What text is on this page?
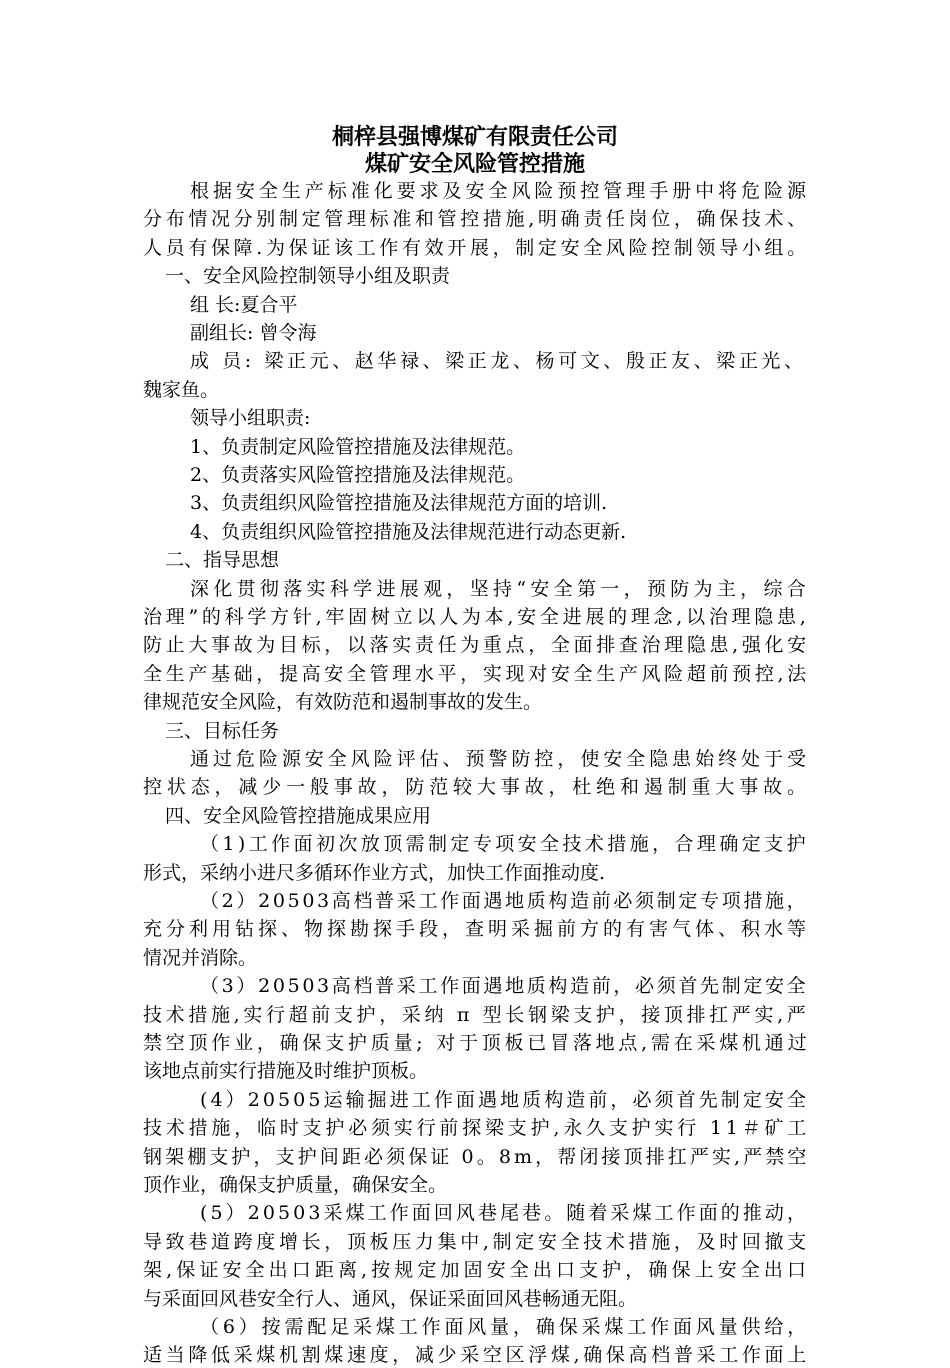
桐梓县强博煤矿有限责任公司
煤矿安全风险管控措施
根据安全生产标准化要求及安全风险预控管理手册中将危险源
分布情况分别制定管理标准和管控措施,明确责任岗位，确保技术、
人员有保障.为保证该工作有效开展，制定安全风险控制领导小组。
一、安全风险控制领导小组及职责
组 长:夏合平
副组长: 曾令海
成 员: 梁正元、赵华禄、梁正龙、杨可文、殷正友、梁正光、
魏家鱼。
领导小组职责:
1、负责制定风险管控措施及法律规范。
2、负责落实风险管控措施及法律规范。
3、负责组织风险管控措施及法律规范方面的培训.
4、负责组织风险管控措施及法律规范进行动态更新.
二、指导思想
深化贯彻落实科学进展观，坚持“安全第一，预防为主，综合
治理”的科学方针,牢固树立以人为本,安全进展的理念,以治理隐患,
防止大事故为目标，以落实责任为重点，全面排查治理隐患,强化安
全生产基础，提高安全管理水平，实现对安全生产风险超前预控,法
律规范安全风险，有效防范和遏制事故的发生。
三、目标任务
通过危险源安全风险评估、预警防控，使安全隐患始终处于受
控状态，减少一般事故，防范较大事故，杜绝和遏制重大事故。
四、安全风险管控措施成果应用
（1)工作面初次放顶需制定专项安全技术措施，合理确定支护
形式，采纳小进尺多循环作业方式，加快工作面推动度.
（2）20503高档普采工作面遇地质构造前必须制定专项措施，
充分利用钻探、物探勘探手段，查明采掘前方的有害气体、积水等
情况并消除。
（3）20503高档普采工作面遇地质构造前，必须首先制定安全
技术措施,实行超前支护，采纳 π 型长钢梁支护，接顶排扛严实,严
禁空顶作业，确保支护质量; 对于顶板已冒落地点,需在采煤机通过
该地点前实行措施及时维护顶板。
(4）20505运输掘进工作面遇地质构造前，必须首先制定安全
技术措施，临时支护必须实行前探梁支护,永久支护实行 11＃矿工
钢架棚支护，支护间距必须保证 0。8m，帮闭接顶排扛严实,严禁空
顶作业，确保支护质量，确保安全。
(5）20503采煤工作面回风巷尾巷。随着采煤工作面的推动，
导致巷道跨度增长，顶板压力集中,制定安全技术措施，及时回撤支
架,保证安全出口距离,按规定加固安全出口支护，确保上安全出口
与采面回风巷安全行人、通风，保证采面回风巷畅通无阻。
（6）按需配足采煤工作面风量，确保采煤工作面风量供给，
适当降低采煤机割煤速度，减少采空区浮煤,确保高档普采工作面上
